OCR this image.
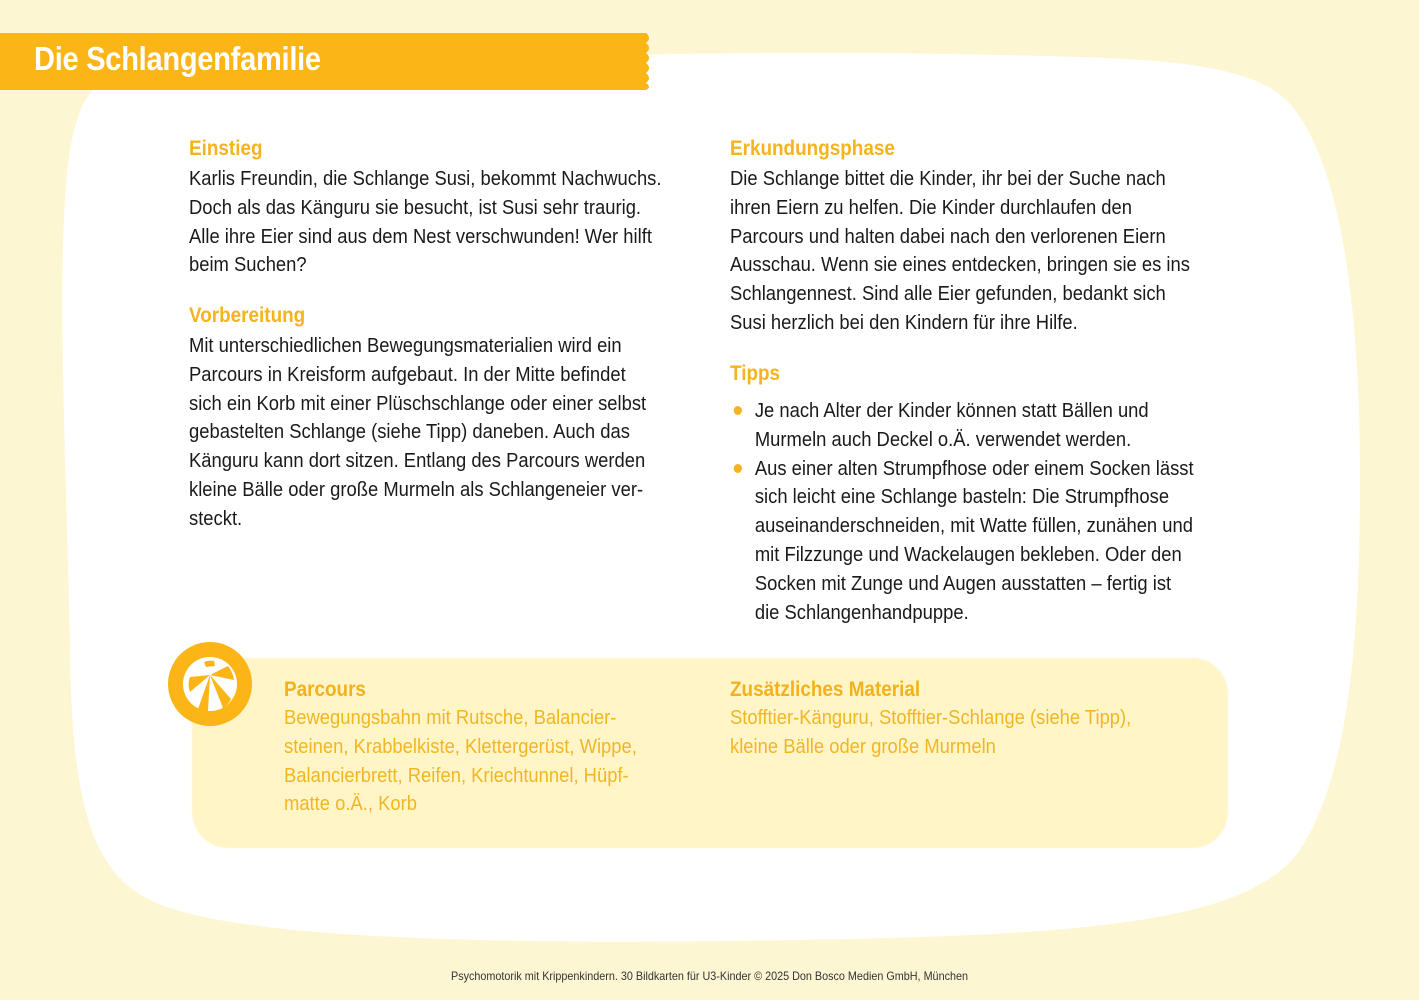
Die Schlangenfamilie
Einstieg
Karlis Freundin, die Schlange Susi, bekommt Nachwuchs.
Doch als das Känguru sie besucht, ist Susi sehr traurig.
Alle ihre Eier sind aus dem Nest verschwunden! Wer hilft
beim Suchen?
Vorbereitung
Mit unterschiedlichen Bewegungsmaterialien wird ein
Parcours in Kreisform aufgebaut. In der Mitte befindet
sich ein Korb mit einer Plüschschlange oder einer selbst
gebastelten Schlange (siehe Tipp) daneben. Auch das
Känguru kann dort sitzen. Entlang des Parcours werden
kleine Bälle oder große Murmeln als Schlangeneier ver-
steckt.
Erkundungsphase
Die Schlange bittet die Kinder, ihr bei der Suche nach
ihren Eiern zu helfen. Die Kinder durchlaufen den
Parcours und halten dabei nach den verlorenen Eiern
Ausschau. Wenn sie eines entdecken, bringen sie es ins
Schlangennest. Sind alle Eier gefunden, bedankt sich
Susi herzlich bei den Kindern für ihre Hilfe.
Tipps
Je nach Alter der Kinder können statt Bällen und
Murmeln auch Deckel o.Ä. verwendet werden.
Aus einer alten Strumpfhose oder einem Socken lässt
sich leicht eine Schlange basteln: Die Strumpfhose
auseinanderschneiden, mit Watte füllen, zunähen und
mit Filzzunge und Wackelaugen bekleben. Oder den
Socken mit Zunge und Augen ausstatten – fertig ist
die Schlangenhandpuppe.
Parcours
Bewegungsbahn mit Rutsche, Balancier-
steinen, Krabbelkiste, Klettergerüst, Wippe,
Balancierbrett, Reifen, Kriechtunnel, Hüpf-
matte o.Ä., Korb
Zusätzliches Material
Stofftier-Känguru, Stofftier-Schlange (siehe Tipp),
kleine Bälle oder große Murmeln
Psychomotorik mit Krippenkindern. 30 Bildkarten für U3-Kinder © 2025 Don Bosco Medien GmbH, München
